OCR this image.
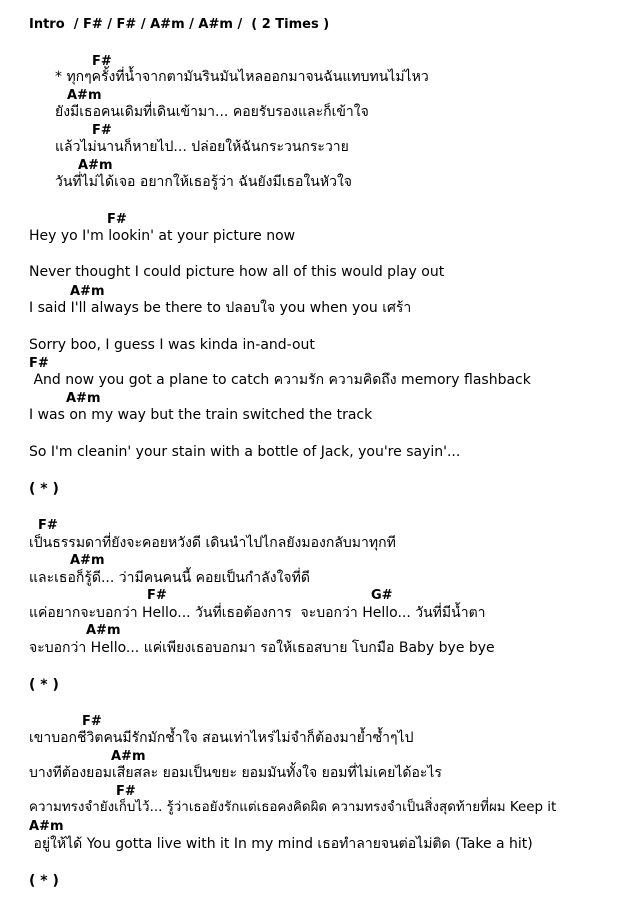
Intro  / F# / F# / A#m / A#m /  ( 2 Times )
F#
* ทุกๆครั้งที่น้ำจากตามันรินมันไหลออกมาจนฉันแทบทนไม่ไหว
A#m
ยังมีเธอคนเดิมที่เดินเข้ามา... คอยรับรองและก็เข้าใจ
F#
แล้วไม่นานก็หายไป... ปล่อยให้ฉันกระวนกระวาย
A#m
วันที่ไม่ได้เจอ อยากให้เธอรู้ว่า ฉันยังมีเธอในหัวใจ
F#
Hey yo I'm lookin' at your picture now
Never thought I could picture how all of this would play out
A#m
I said I'll always be there to ปลอบใจ you when you เศร้า
Sorry boo, I guess I was kinda in-and-out
F#
And now you got a plane to catch ความรัก ความคิดถึง memory flashback
A#m
I was on my way but the train switched the track
So I'm cleanin' your stain with a bottle of Jack, you're sayin'...
( * )
F#
เป็นธรรมดาที่ยังจะคอยหวังดี เดินนำไปไกลยังมองกลับมาทุกที
A#m
และเธอก็รู้ดี... ว่ามีคนคนนี้ คอยเป็นกำลังใจที่ดี
F#	G#
แค่อยากจะบอกว่า Hello... วันที่เธอต้องการ  จะบอกว่า Hello... วันที่มีน้ำตา
A#m
จะบอกว่า Hello... แค่เพียงเธอบอกมา รอให้เธอสบาย โบกมือ Baby bye bye
( * )
F#
เขาบอกชีวิตคนมีรักมักช้ำใจ สอนเท่าไหร่ไม่จำก็ต้องมาย้ำซ้ำๆไป
A#m
บางทีต้องยอมเสียสละ ยอมเป็นขยะ ยอมมันทั้งใจ ยอมที่ไม่เคยได้อะไร
F#
ความทรงจำยังเก็บไว้... รู้ว่าเธอยังรักแต่เธอคงคิดผิด ความทรงจำเป็นสิ่งสุดท้ายที่ผม Keep it
A#m
อยู่ให้ได้ You gotta live with it In my mind เธอทำลายจนต่อไม่ติด (Take a hit)
( * )
